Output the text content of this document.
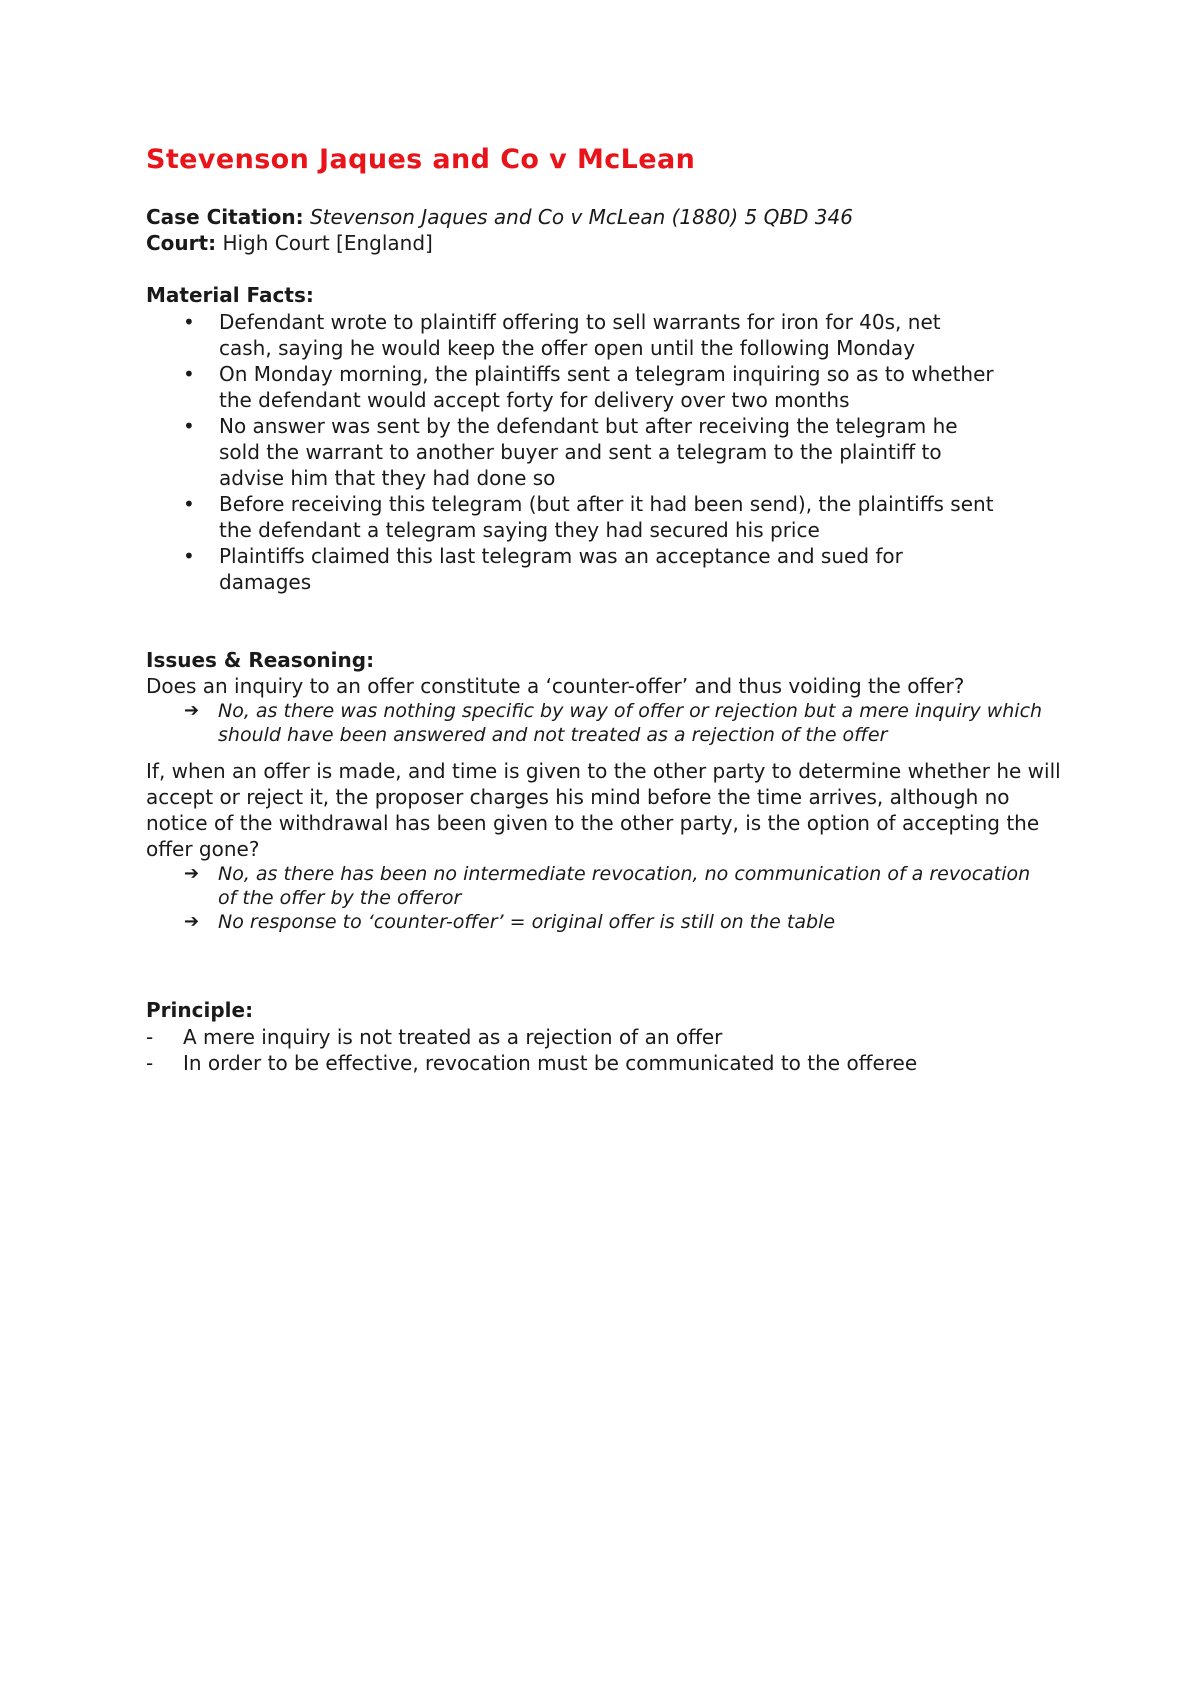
Stevenson Jaques and Co v McLean
Case Citation: Stevenson Jaques and Co v McLean (1880) 5 QBD 346
Court: High Court [England]
Material Facts:
• Defendant wrote to plaintiff offering to sell warrants for iron for 40s, net cash, saying he would keep the offer open until the following Monday
• On Monday morning, the plaintiffs sent a telegram inquiring so as to whether the defendant would accept forty for delivery over two months
• No answer was sent by the defendant but after receiving the telegram he sold the warrant to another buyer and sent a telegram to the plaintiff to advise him that they had done so
• Before receiving this telegram (but after it had been send), the plaintiffs sent the defendant a telegram saying they had secured his price
• Plaintiffs claimed this last telegram was an acceptance and sued for damages
Issues & Reasoning:
Does an inquiry to an offer constitute a ‘counter-offer’ and thus voiding the offer?
➔ No, as there was nothing specific by way of offer or rejection but a mere inquiry which should have been answered and not treated as a rejection of the offer
If, when an offer is made, and time is given to the other party to determine whether he will accept or reject it, the proposer charges his mind before the time arrives, although no notice of the withdrawal has been given to the other party, is the option of accepting the offer gone?
➔ No, as there has been no intermediate revocation, no communication of a revocation of the offer by the offeror
➔ No response to ‘counter-offer’ = original offer is still on the table
Principle:
- A mere inquiry is not treated as a rejection of an offer
- In order to be effective, revocation must be communicated to the offeree
